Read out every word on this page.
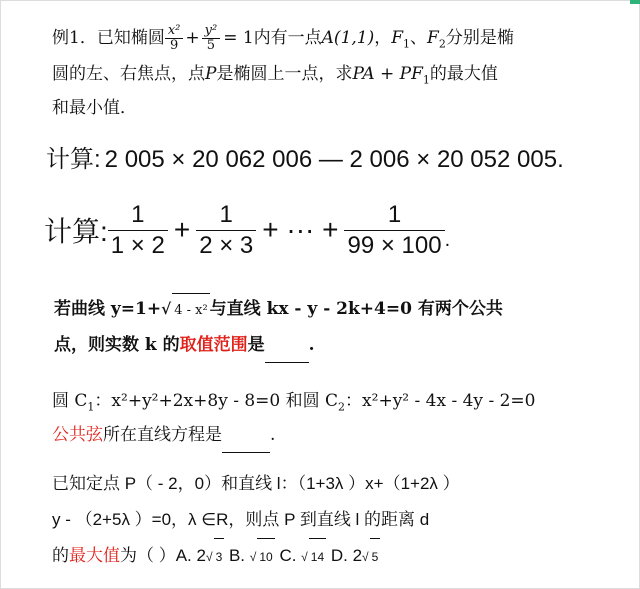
例1．已知椭圆 $\frac{\text{x²}}{9} + \frac{\text{y²}}{5} = 1$内有一点A(1,1)，$F_1$、$F_2$分别是椭
圆的左、右焦点，点P是椭圆上一点，求PA + $PF_1$的最大值
和最小值．
计算: 2 005 × 20 062 006 — 2 006 × 20 052 005.
计算: $\frac{1}{1 \times 2} + \frac{1}{2 \times 3}$ + ··· + $\frac{1}{99 \times 100}$ .
若曲线 y=1+√ 4 - x² 与直线 kx - y - 2k+4=0 有两个公共
点，则实数 k 的取值范围是	.
圆 $C_1$：x²+y²+2x+8y - 8=0 和圆 $C_2$：x²+y² - 4x - 4y - 2=0
公共弦所在直线方程是	.
已知定点 P（ - 2，0）和直线 l：（1+3λ ）x+（1+2λ ）
y - （2+5λ ）=0，λ ∈R，则点 P 到直线 l 的距离 d
的最大值为（ ）A. 2√ 3 B. √ 10 C. √ 14 D. 2√ 5
